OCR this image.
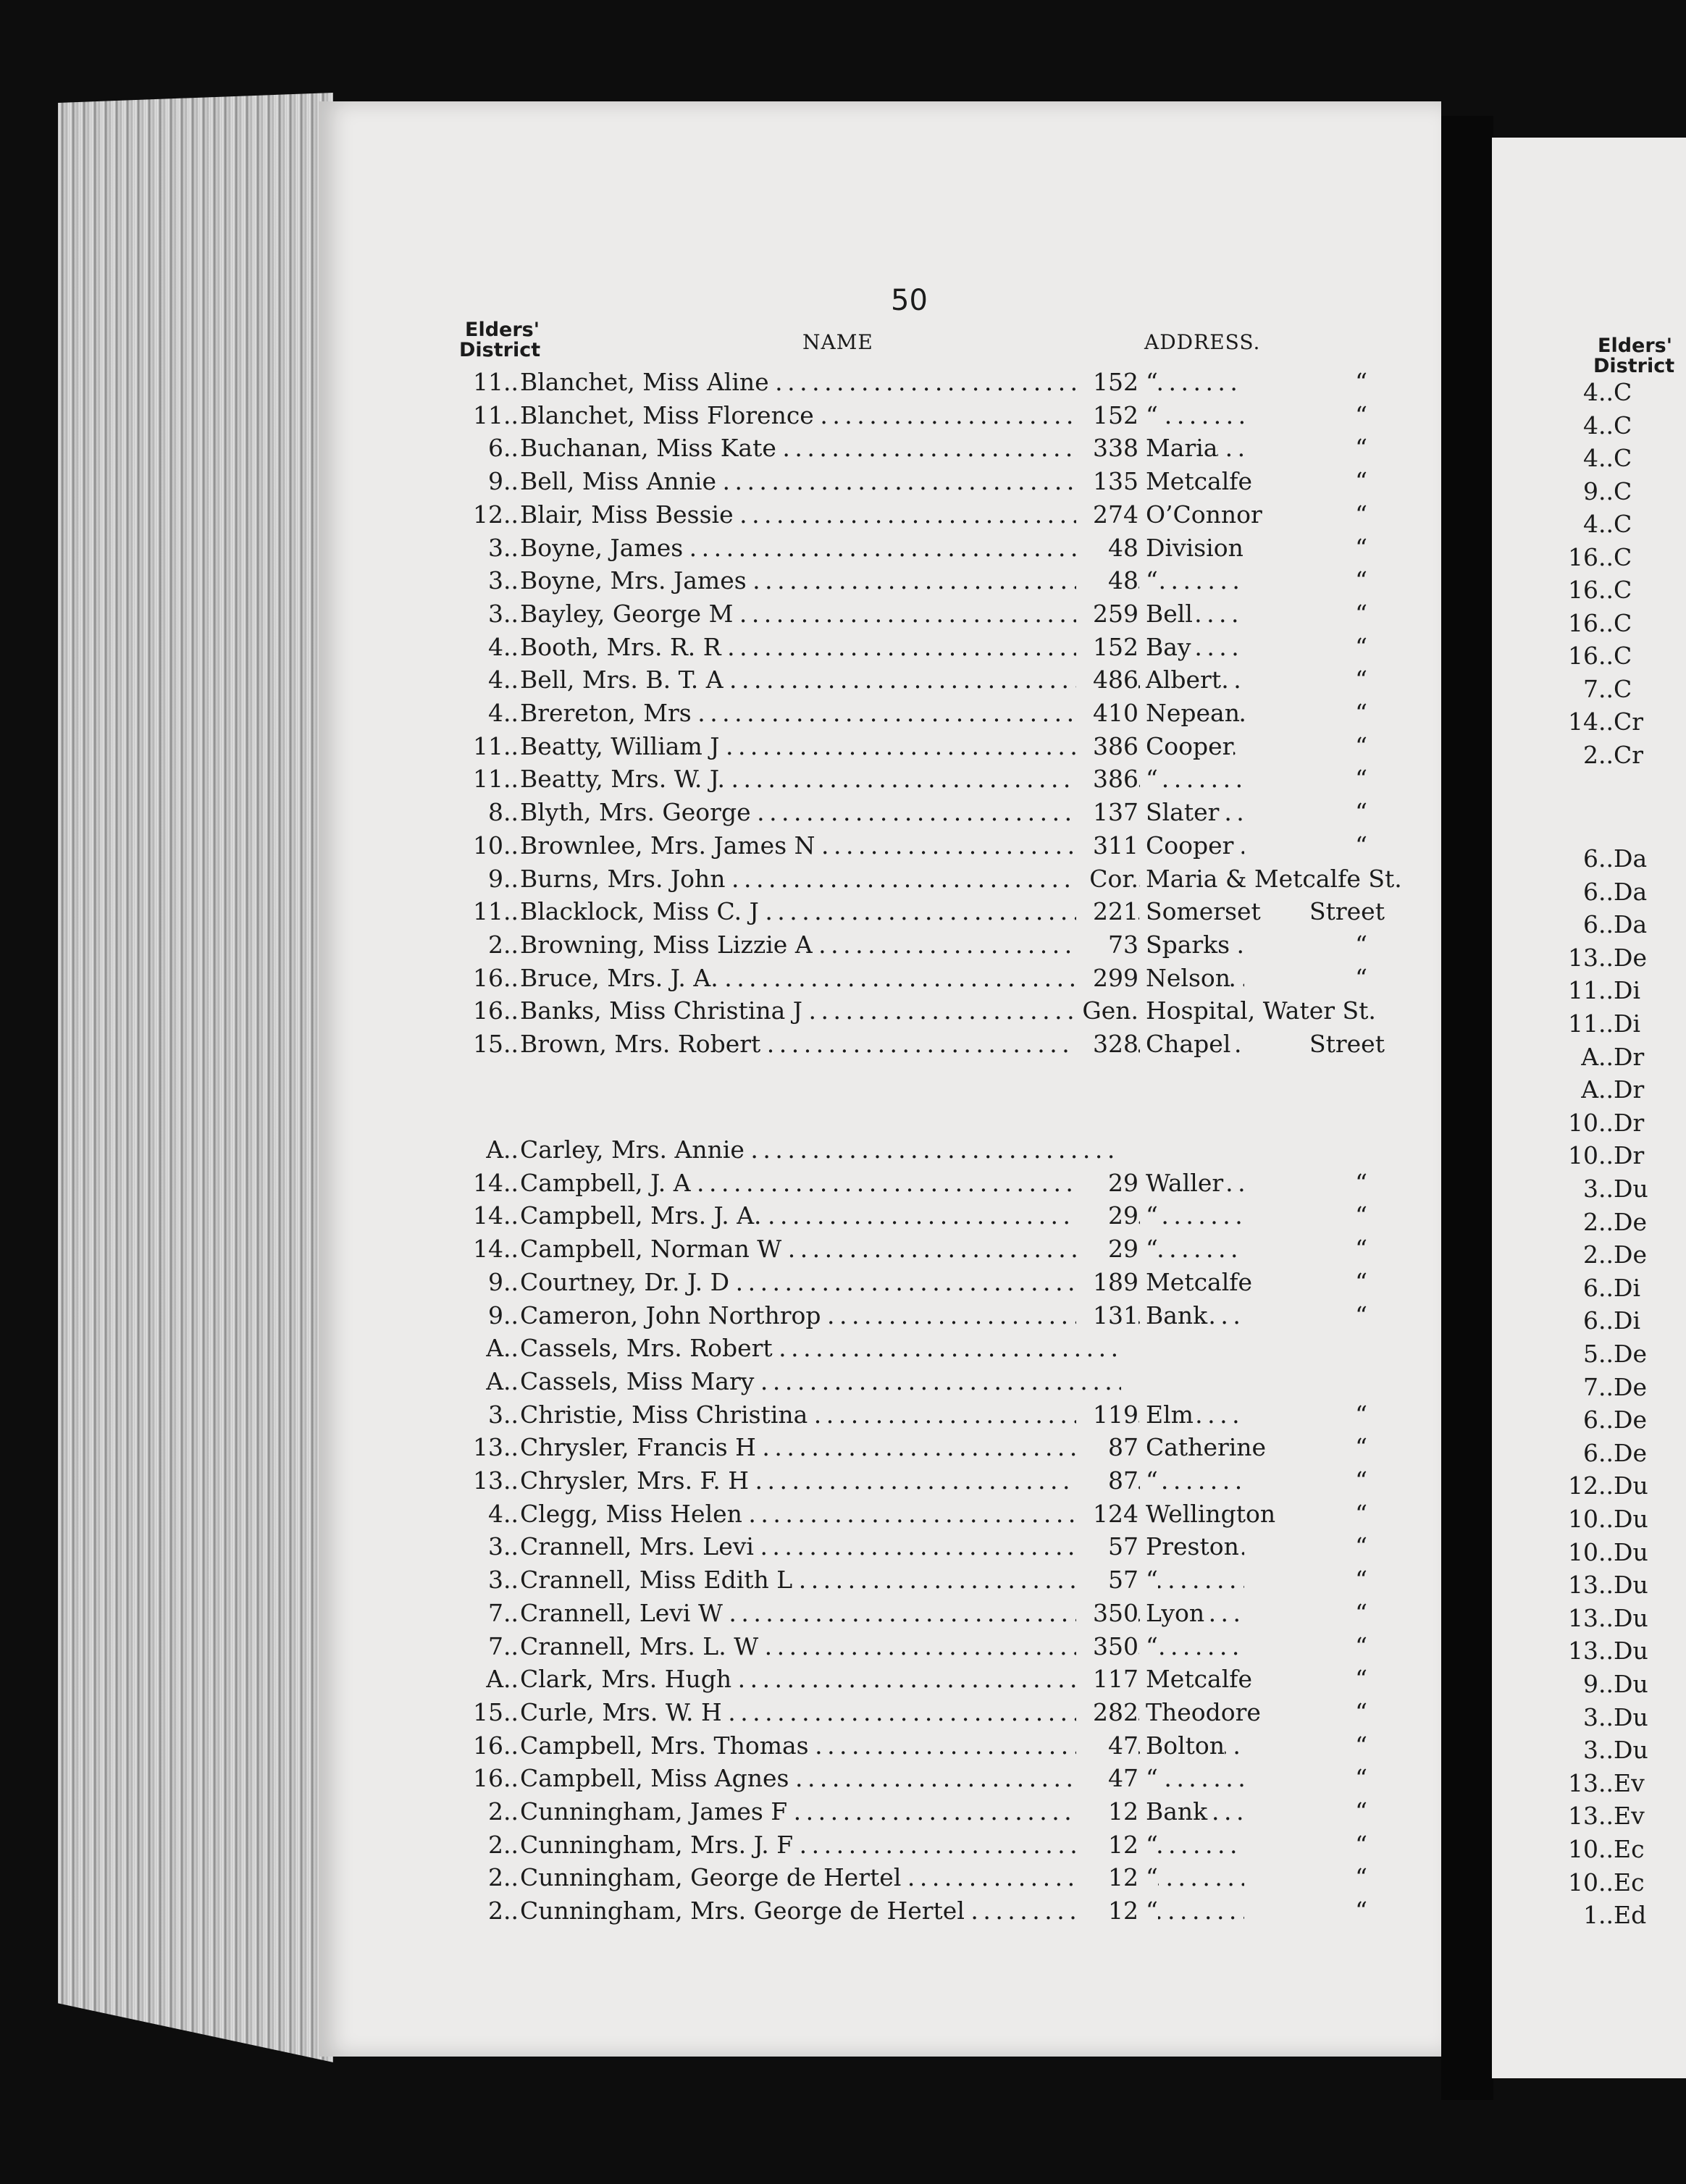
50
Elders'
District	NAME	ADDRESS.
11.. Blanchet, Miss Aline . . .	152 “	“
11.. Blanchet, Miss Florence . . .	152 “	“
6.. Buchanan, Miss Kate . . .	338 Maria	“
9.. Bell, Miss Annie . . .	135 Metcalfe	“
12.. Blair, Miss Bessie . . .	274 O’Connor	“
3.. Boyne, James . . .	48 Division	“
3.. Boyne, Mrs. James . . .	48 “	“
3.. Bayley, George M . . .	259 Bell	“
4.. Booth, Mrs. R. R . . .	152 Bay	“
4.. Bell, Mrs. B. T. A . . .	486 Albert	“
4.. Brereton, Mrs . . .	410 Nepean	“
11.. Beatty, William J . . .	386 Cooper	“
11.. Beatty, Mrs. W. J. . . .	386 “	“
8.. Blyth, Mrs. George . . .	137 Slater	“
10.. Brownlee, Mrs. James N . . .	311 Cooper	“
9.. Burns, Mrs. John . . .	Cor. Maria & Metcalfe St.
11.. Blacklock, Miss C. J . . .	221 Somerset Street
2.. Browning, Miss Lizzie A . . .	73 Sparks	“
16.. Bruce, Mrs. J. A. . . .	299 Nelson	“
16.. Banks, Miss Christina J . . .	Gen. Hospital, Water St.
15.. Brown, Mrs. Robert . . .	328 Chapel	Street
A.. Carley, Mrs. Annie . . .
14.. Campbell, J. A . . .	29 Waller	“
14.. Campbell, Mrs. J. A. . . .	29 “	“
14.. Campbell, Norman W . . .	29 “	“
9.. Courtney, Dr. J. D . . .	189 Metcalfe	“
9.. Cameron, John Northrop . . .	131 Bank	“
A.. Cassels, Mrs. Robert . . .
A.. Cassels, Miss Mary . . .
3.. Christie, Miss Christina . . .	119 Elm	“
13.. Chrysler, Francis H . . .	87 Catherine	“
13.. Chrysler, Mrs. F. H . . .	87 “	“
4.. Clegg, Miss Helen . . .	124 Wellington	“
3.. Crannell, Mrs. Levi . . .	57 Preston	“
3.. Crannell, Miss Edith L . . .	57 “	“
7.. Crannell, Levi W . . .	350 Lyon	“
7.. Crannell, Mrs. L. W . . .	350 “	“
A.. Clark, Mrs. Hugh . . .	117 Metcalfe	“
15.. Curle, Mrs. W. H . . .	282 Theodore	“
16.. Campbell, Mrs. Thomas . . .	47 Bolton	“
16.. Campbell, Miss Agnes . . .	47 “	“
2.. Cunningham, James F . . .	12 Bank	“
2.. Cunningham, Mrs. J. F . . .	12 “	“
2.. Cunningham, George de Hertel . . .	12 “	“
2.. Cunningham, Mrs. George de Hertel . . .	12 “	“
Elders'
District
4..C
4..C
4..C
9..C
4..C
16..C
16..C
16..C
16..C
7..C
14..Cr
2..Cr
6..Da
6..Da
6..Da
13..De
11..Di
11..Di
A..Dr
A..Dr
10..Dr
10..Dr
3..Du
2..De
2..De
6..Di
6..Di
5..De
7..De
6..De
6..De
12..Du
10..Du
10..Du
13..Du
13..Du
13..Du
9..Du
3..Du
3..Du
13..Ev
13..Ev
10..Ec
10..Ec
1..Ed
